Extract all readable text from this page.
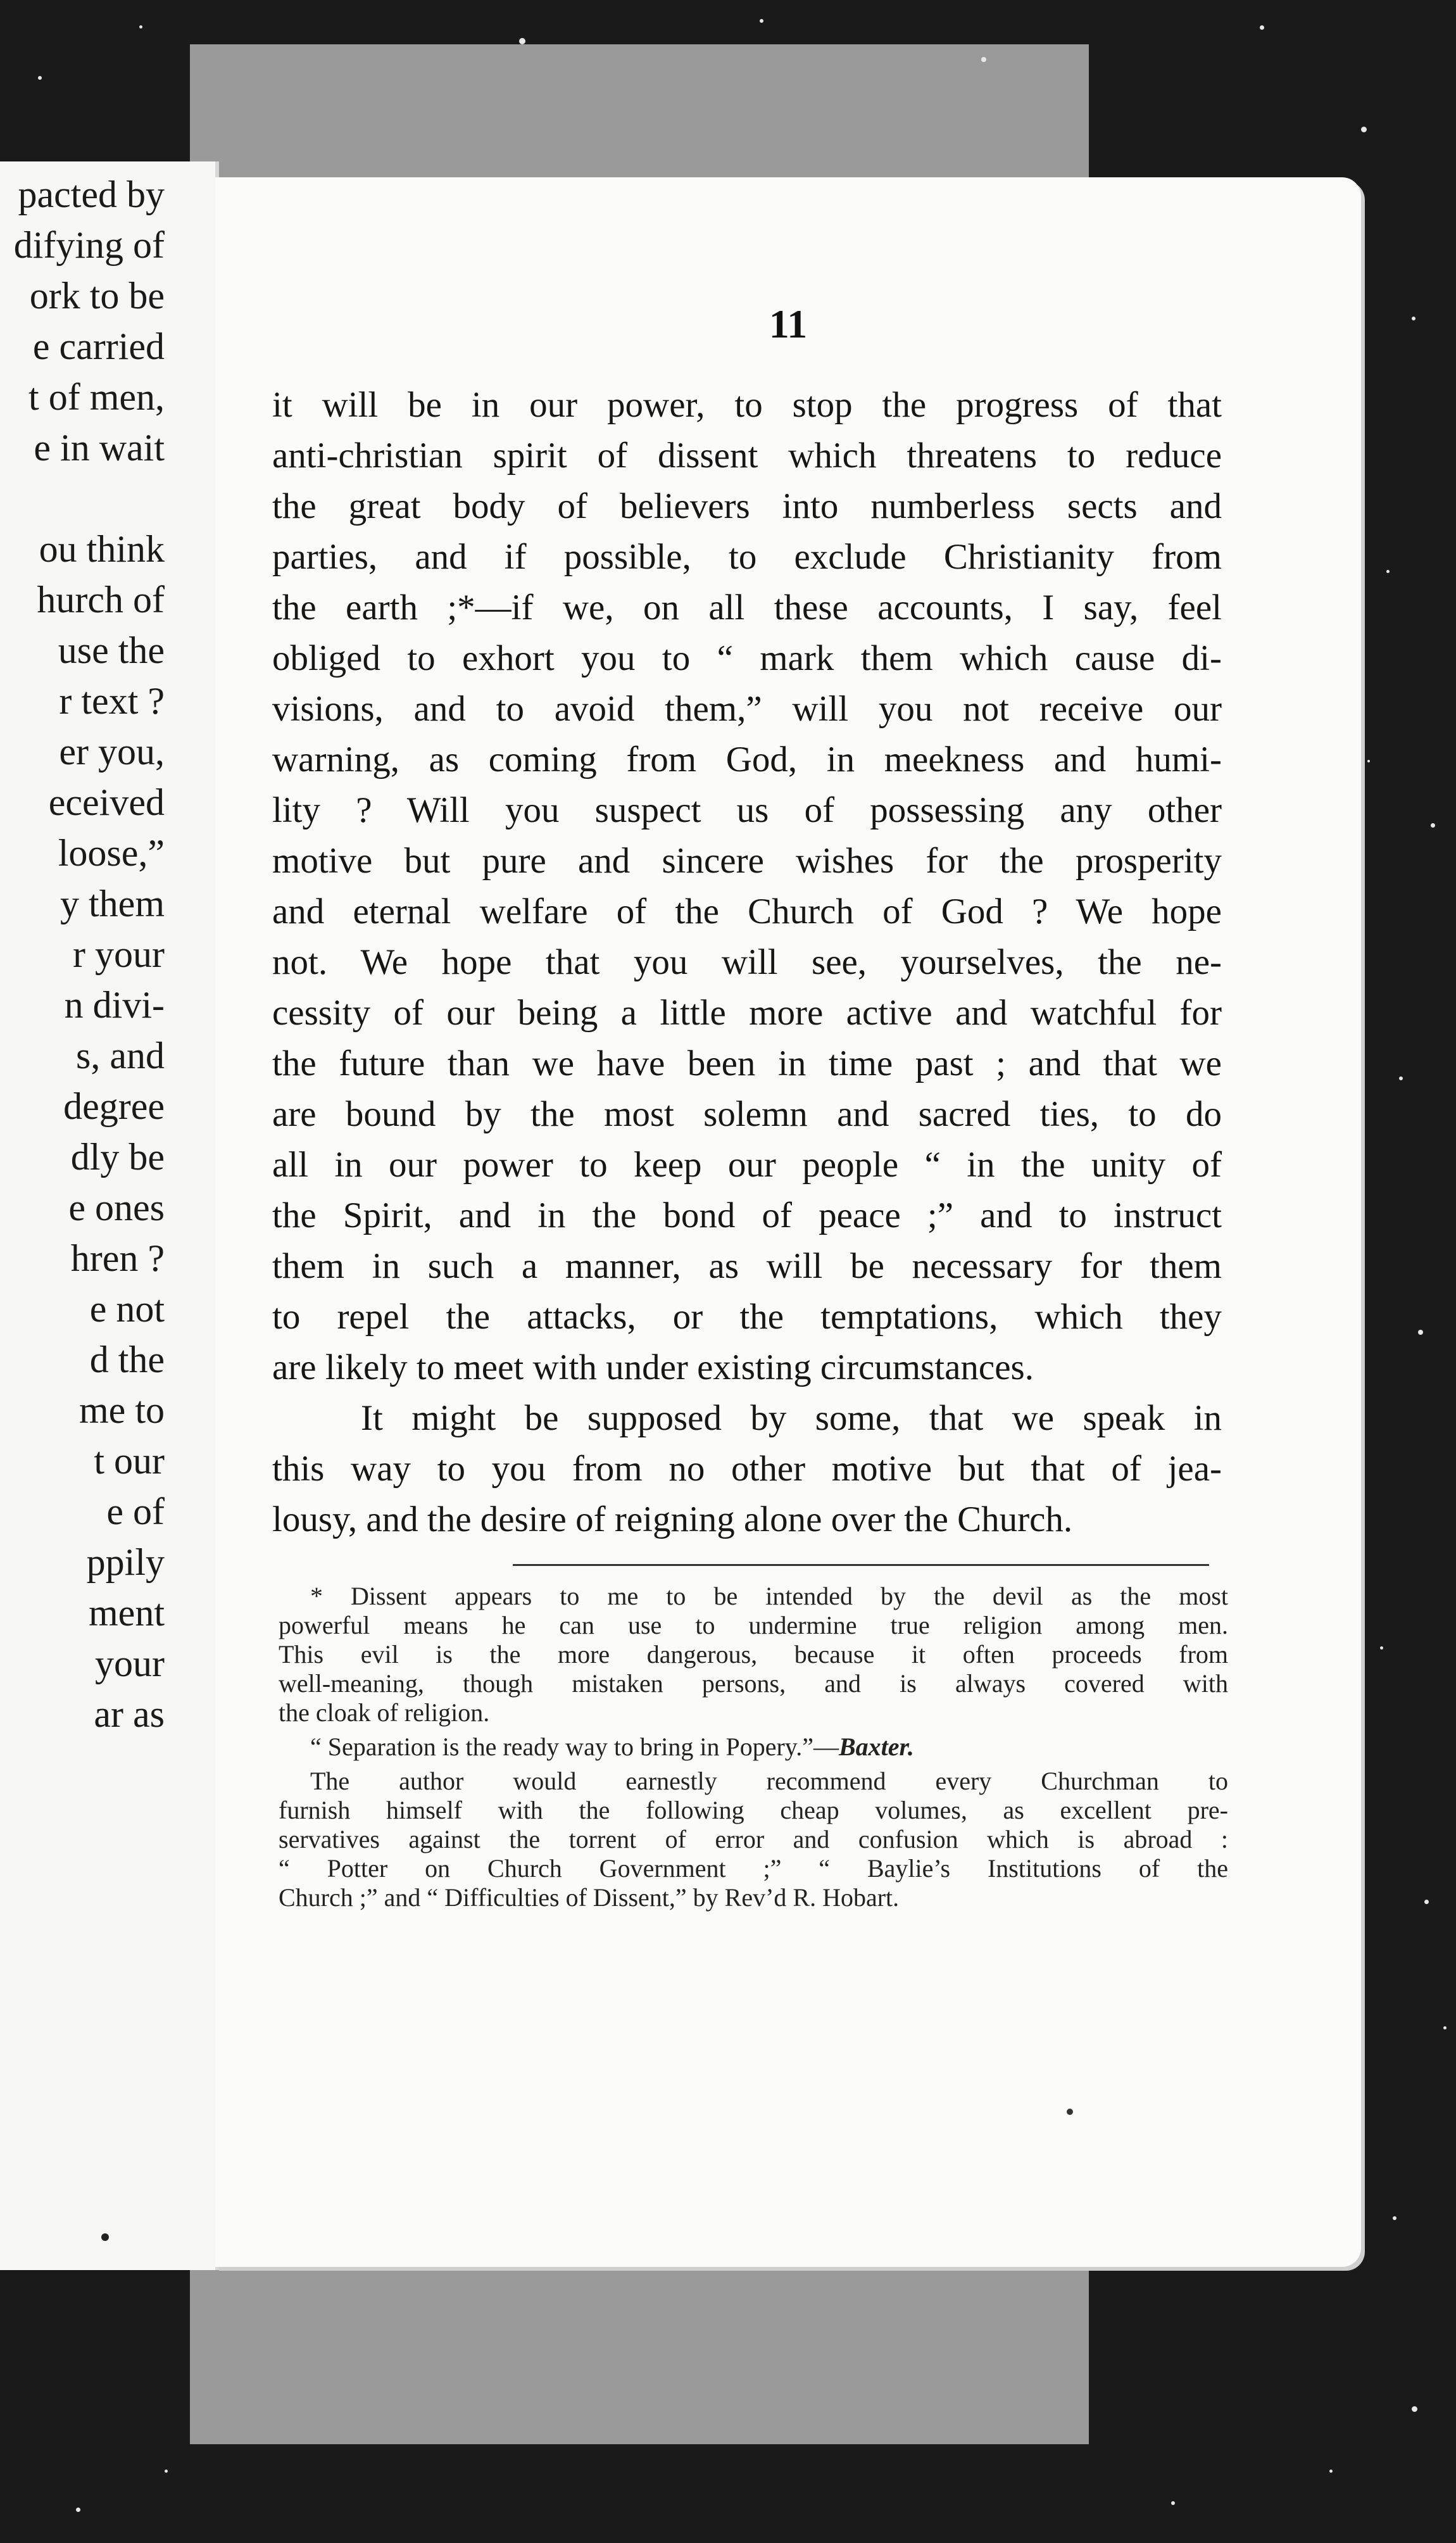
pacted by
difying of
ork to be
e carried
t of men,
e in wait
ou think
hurch of
use the
r text ?
er you,
eceived
loose,”
y them
r your
n divi-
s, and
degree
dly be
e ones
hren ?
e not
d the
me to
t our
e of
ppily
ment
your
ar as
11
it will be in our power, to stop the progress of that
anti-christian spirit of dissent which threatens to reduce
the great body of believers into numberless sects and
parties, and if possible, to exclude Christianity from
the earth ;*—if we, on all these accounts, I say, feel
obliged to exhort you to “ mark them which cause di-
visions, and to avoid them,” will you not receive our
warning, as coming from God, in meekness and humi-
lity ? Will you suspect us of possessing any other
motive but pure and sincere wishes for the prosperity
and eternal welfare of the Church of God ? We hope
not. We hope that you will see, yourselves, the ne-
cessity of our being a little more active and watchful for
the future than we have been in time past ; and that we
are bound by the most solemn and sacred ties, to do
all in our power to keep our people “ in the unity of
the Spirit, and in the bond of peace ;” and to instruct
them in such a manner, as will be necessary for them
to repel the attacks, or the temptations, which they
are likely to meet with under existing circumstances.
It might be supposed by some, that we speak in
this way to you from no other motive but that of jea-
lousy, and the desire of reigning alone over the Church.
* Dissent appears to me to be intended by the devil as the most
powerful means he can use to undermine true religion among men.
This evil is the more dangerous, because it often proceeds from
well-meaning, though mistaken persons, and is always covered with
the cloak of religion.
“ Separation is the ready way to bring in Popery.”—Baxter.
The author would earnestly recommend every Churchman to
furnish himself with the following cheap volumes, as excellent pre-
servatives against the torrent of error and confusion which is abroad :
“ Potter on Church Government ;” “ Baylie’s Institutions of the
Church ;” and “ Difficulties of Dissent,” by Rev’d R. Hobart.
